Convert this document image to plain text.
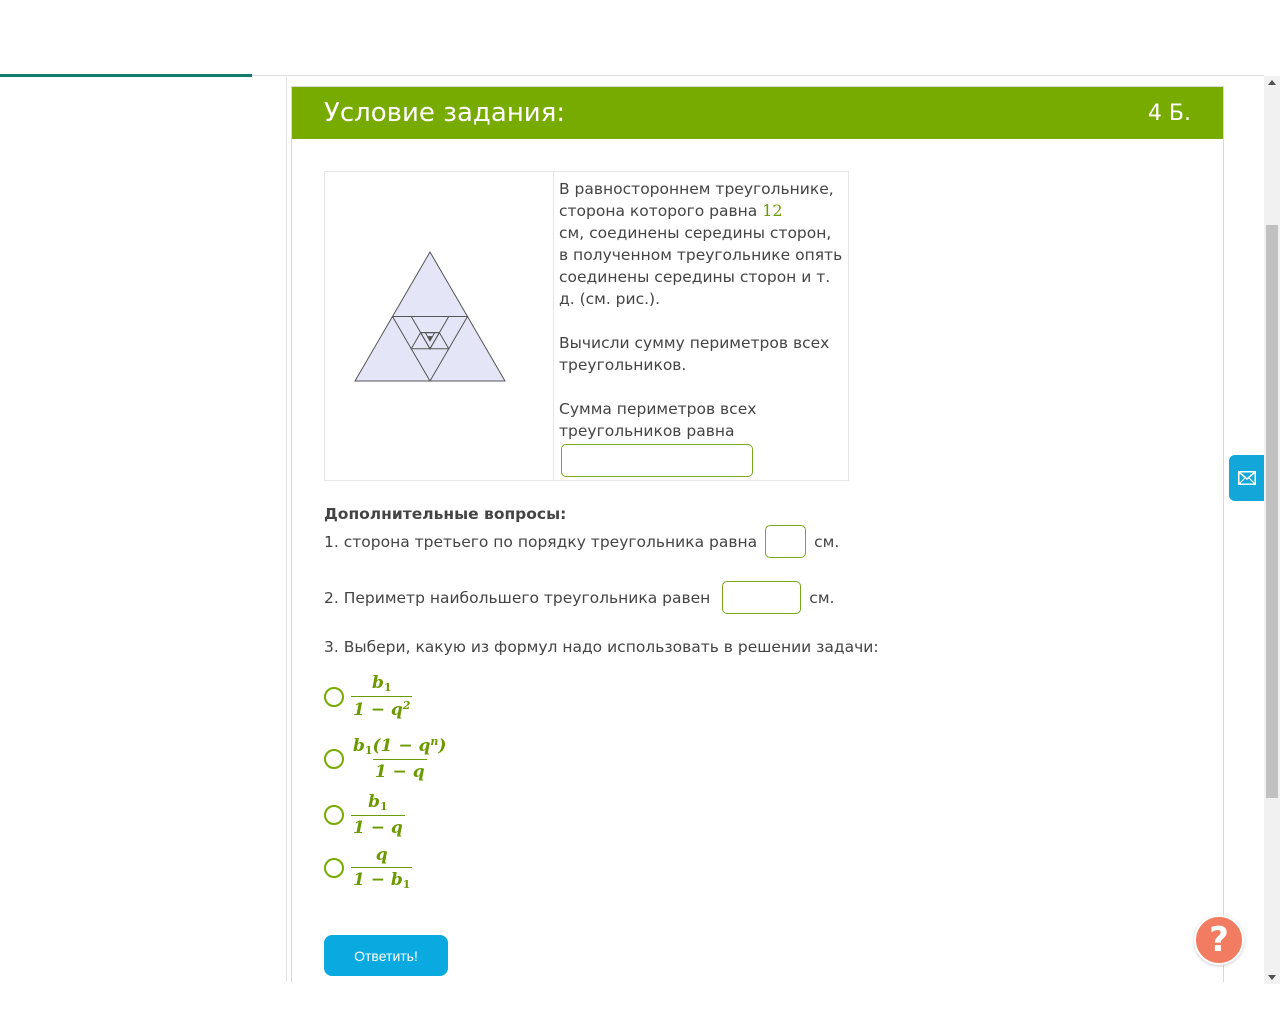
Условие задания:	4 Б.

В равностороннем треугольнике, сторона которого равна 12
см, соединены середины сторон, в полученном треугольнике опять соединены середины сторон и т. д. (см. рис.).

Вычисли сумму периметров всех треугольников.

Сумма периметров всех треугольников равна
Дополнительные вопросы:
1. сторона третьего по порядку треугольника равна	см.
2. Периметр наибольшего треугольника равен	см.
3. Выбери, какую из формул надо использовать в решении задачи:
$\frac{b_1}{1 - q^2}$
$\frac{b_1(1 - q^n)}{1 - q}$
$\frac{b_1}{1 - q}$
$\frac{q}{1 - b_1}$
Ответить!	?
